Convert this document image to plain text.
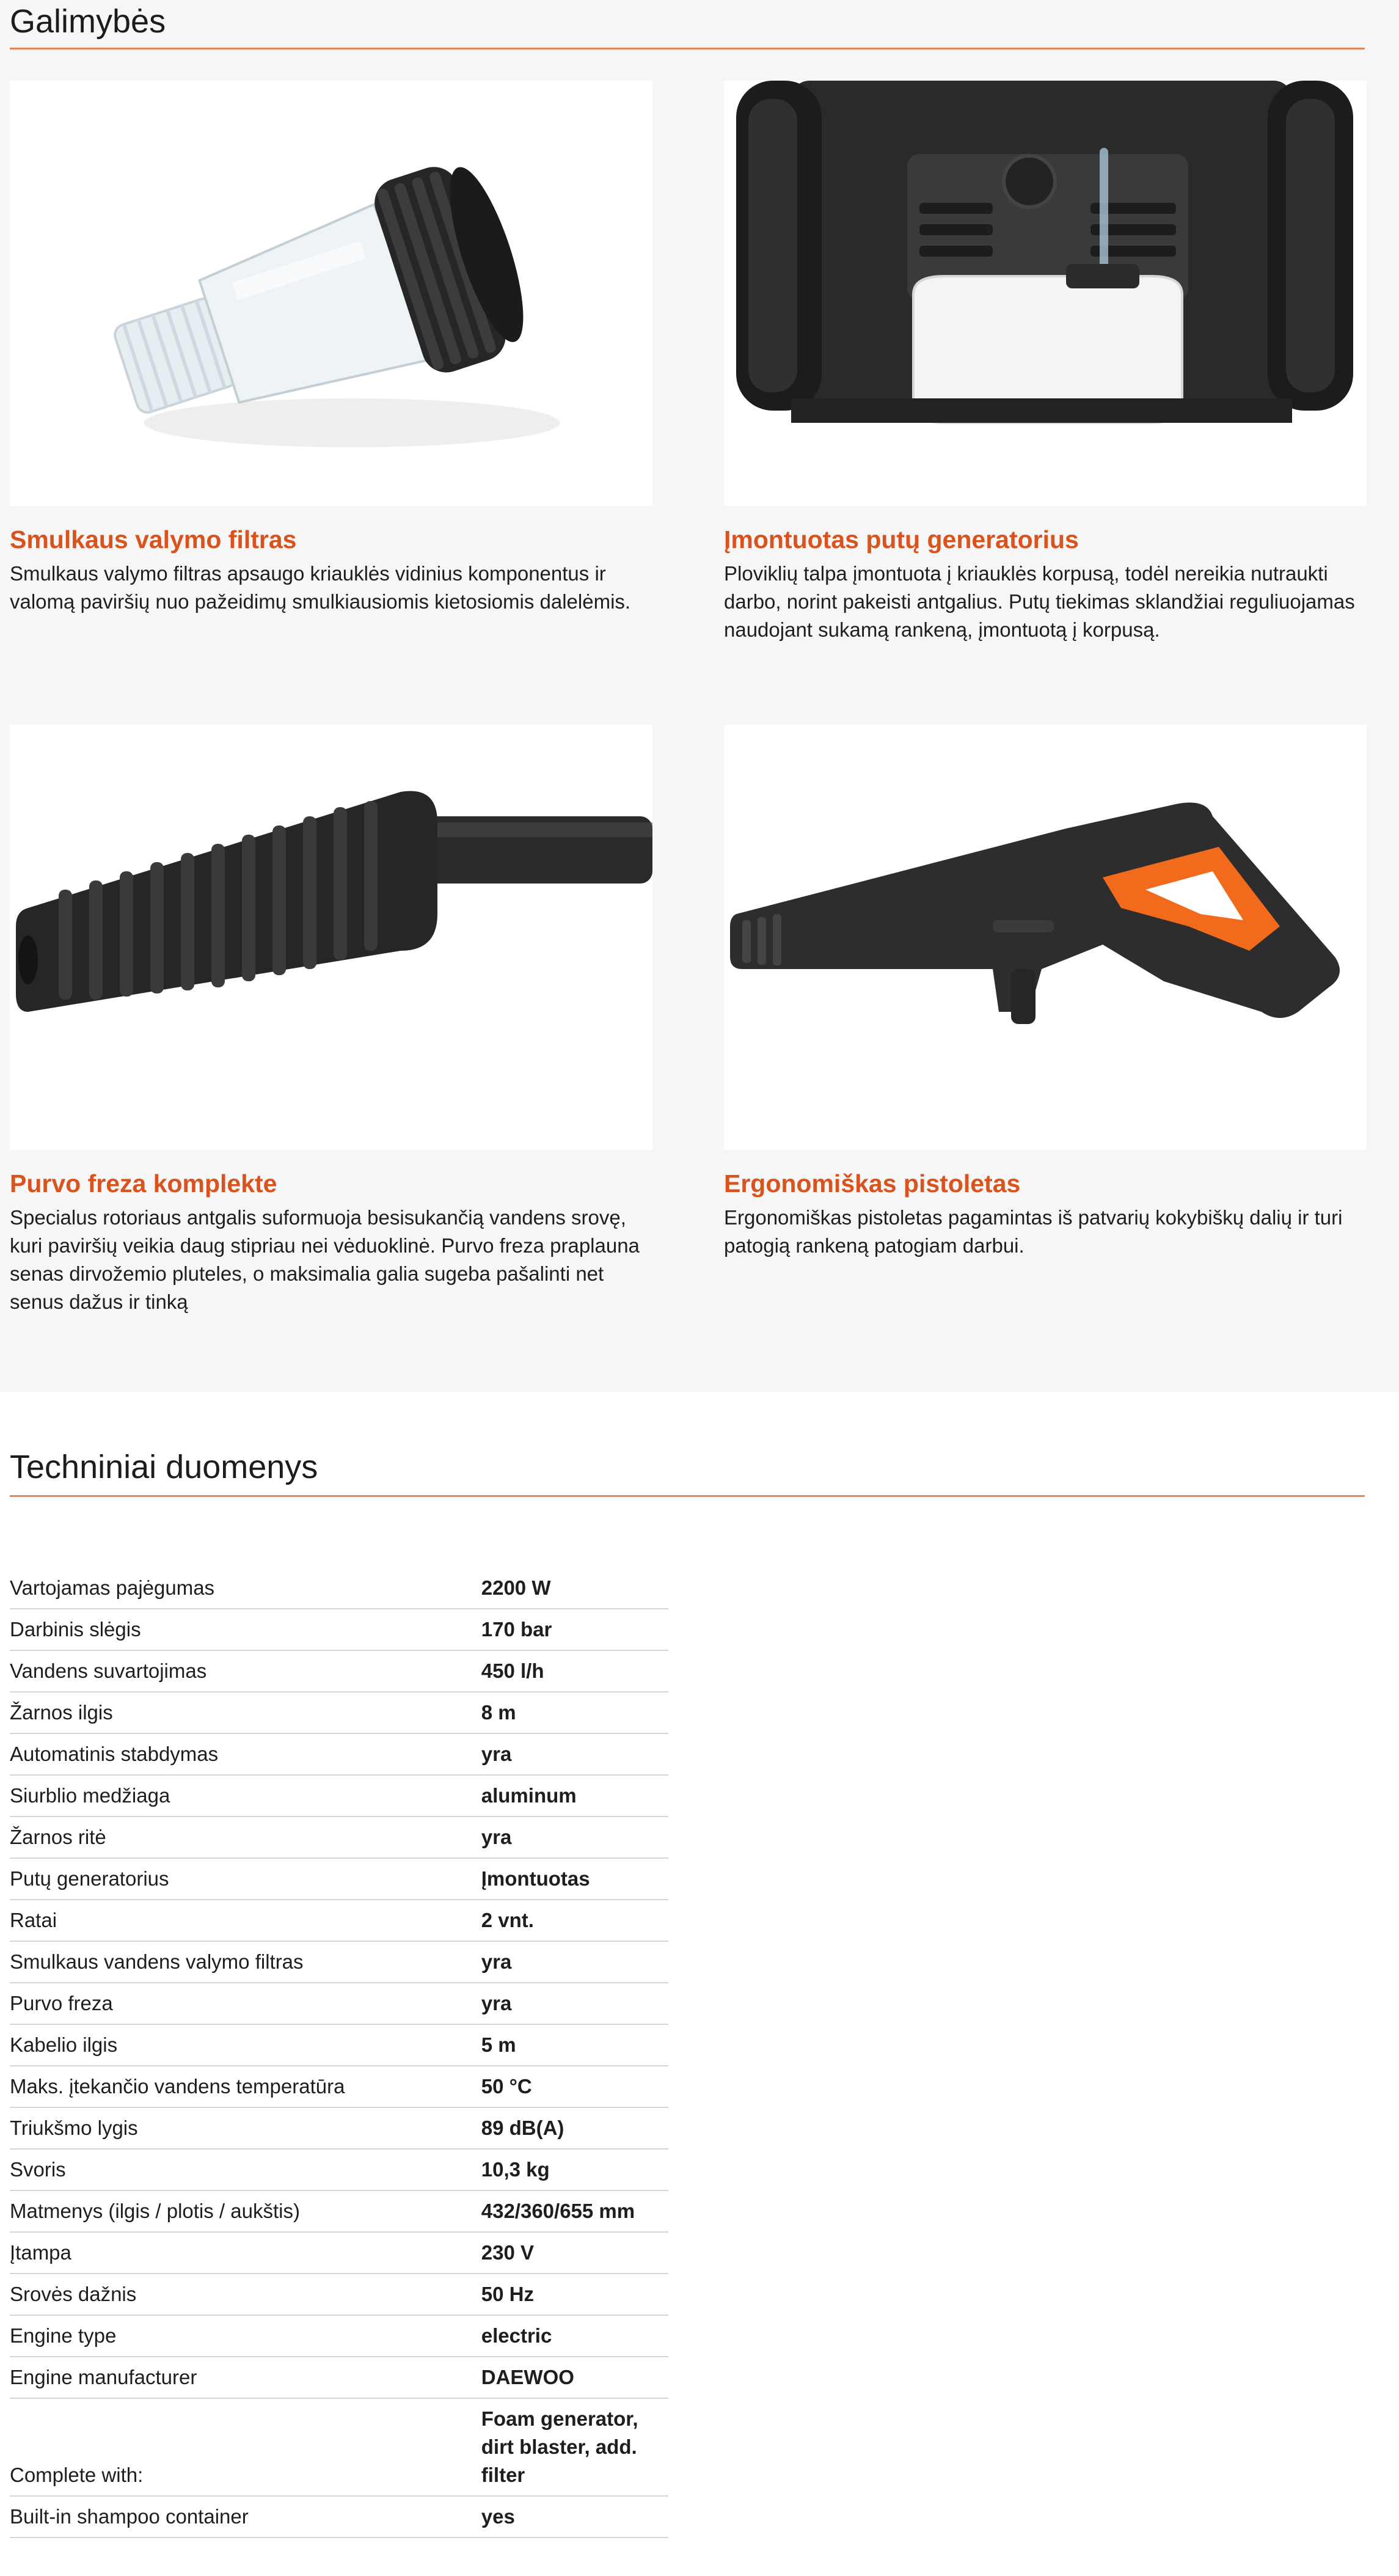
Galimybės
Smulkaus valymo filtras
Smulkaus valymo filtras apsaugo kriauklės vidinius komponentus ir valomą paviršių nuo pažeidimų smulkiausiomis kietosiomis dalelėmis.
Įmontuotas putų generatorius
Ploviklių talpa įmontuota į kriauklės korpusą, todėl nereikia nutraukti darbo, norint pakeisti antgalius. Putų tiekimas sklandžiai reguliuojamas naudojant sukamą rankeną, įmontuotą į korpusą.
Purvo freza komplekte
Specialus rotoriaus antgalis suformuoja besisukančią vandens srovę, kuri paviršių veikia daug stipriau nei vėduoklinė. Purvo freza praplauna senas dirvožemio pluteles, o maksimalia galia sugeba pašalinti net senus dažus ir tinką
Ergonomiškas pistoletas
Ergonomiškas pistoletas pagamintas iš patvarių kokybiškų dalių ir turi patogią rankeną patogiam darbui.
Techniniai duomenys
Vartojamas pajėgumas	2200 W
Darbinis slėgis	170 bar
Vandens suvartojimas	450 l/h
Žarnos ilgis	8 m
Automatinis stabdymas	yra
Siurblio medžiaga	aluminum
Žarnos ritė	yra
Putų generatorius	Įmontuotas
Ratai	2 vnt.
Smulkaus vandens valymo filtras	yra
Purvo freza	yra
Kabelio ilgis	5 m
Maks. įtekančio vandens temperatūra	50 °C
Triukšmo lygis	89 dB(A)
Svoris	10,3 kg
Matmenys (ilgis / plotis / aukštis)	432/360/655 mm
Įtampa	230 V
Srovės dažnis	50 Hz
Engine type	electric
Engine manufacturer	DAEWOO
Complete with:	Foam generator, dirt blaster, add. filter
Built-in shampoo container	yes
